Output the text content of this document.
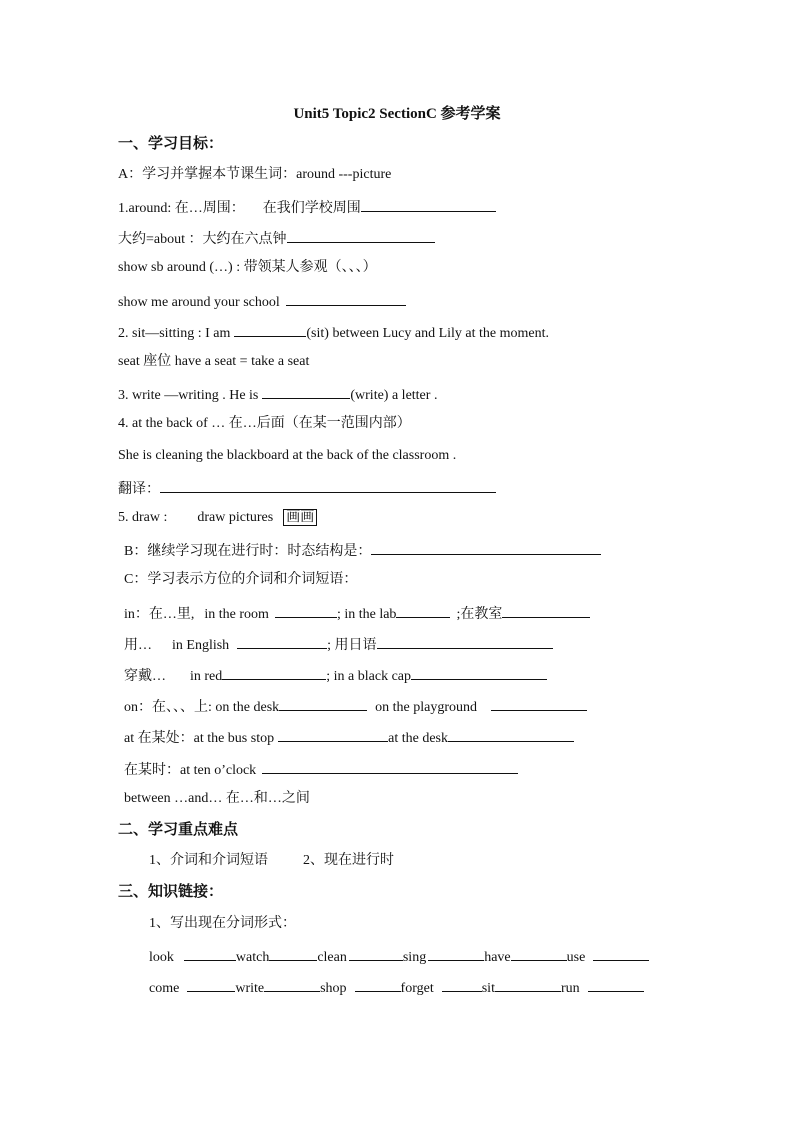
Unit5 Topic2 SectionC 参考学案
一、学习目标：
A：学习并掌握本节课生词：around ---picture
1.around: 在…周围： 在我们学校周围
大约=about ：大约在六点钟
show sb around (…) : 带领某人参观（、、、）
show me around your school
2. sit—sitting : I am	(sit) between Lucy and Lily at the moment.
seat 座位 have a seat = take a seat
3. write —writing . He is	(write) a letter .
4. at the back of … 在…后面（在某一范围内部）
She is cleaning the blackboard at the back of the classroom .
翻译：
5. draw : draw pictures 画画
B：继续学习现在进行时：时态结构是：
C：学习表示方位的介词和介词短语：
in：在…里, in the room	; in the lab	;在教室
用… in English	; 用日语
穿戴… in red	; in a black cap
on：在、、、上: on the desk	on the playground
at 在某处：at the bus stop	at the desk
在某时：at ten o’clock
between …and… 在…和…之间
二、学习重点难点
1、介词和介词短语          2、现在进行时
三、知识链接：
1、写出现在分词形式：
look	watch	clean	sing	have	use
come	write	shop	forget	sit	run
